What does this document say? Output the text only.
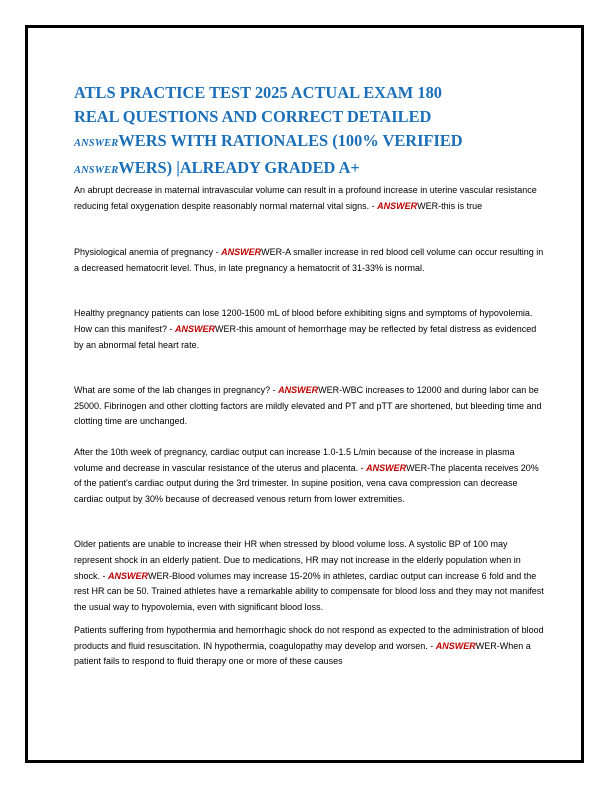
ATLS PRACTICE TEST 2025 ACTUAL EXAM 180
REAL QUESTIONS AND CORRECT DETAILED
ANSWERWERS WITH RATIONALES (100% VERIFIED
ANSWERWERS) |ALREADY GRADED A+

An abrupt decrease in maternal intravascular volume can result in a profound increase in uterine vascular resistance reducing fetal oxygenation despite reasonably normal maternal vital signs. - ANSWERWER-this is true

Physiological anemia of pregnancy - ANSWERWER-A smaller increase in red blood cell volume can occur resulting in a decreased hematocrit level. Thus, in late pregnancy a hematocrit of 31-33% is normal.

Healthy pregnancy patients can lose 1200-1500 mL of blood before exhibiting signs and symptoms of hypovolemia. How can this manifest? - ANSWERWER-this amount of hemorrhage may be reflected by fetal distress as evidenced by an abnormal fetal heart rate.

What are some of the lab changes in pregnancy? - ANSWERWER-WBC increases to 12000 and during labor can be 25000. Fibrinogen and other clotting factors are mildly elevated and PT and pTT are shortened, but bleeding time and clotting time are unchanged.

After the 10th week of pregnancy, cardiac output can increase 1.0-1.5 L/min because of the increase in plasma volume and decrease in vascular resistance of the uterus and placenta. - ANSWERWER-The placenta receives 20% of the patient's cardiac output during the 3rd trimester. In supine position, vena cava compression can decrease cardiac output by 30% because of decreased venous return from lower extremities.

Older patients are unable to increase their HR when stressed by blood volume loss. A systolic BP of 100 may represent shock in an elderly patient. Due to medications, HR may not increase in the elderly population when in shock. - ANSWERWER-Blood volumes may increase 15-20% in athletes, cardiac output can increase 6 fold and the rest HR can be 50. Trained athletes have a remarkable ability to compensate for blood loss and they may not manifest the usual way to hypovolemia, even with significant blood loss.

Patients suffering from hypothermia and hemorrhagic shock do not respond as expected to the administration of blood products and fluid resuscitation. IN hypothermia, coagulopathy may develop and worsen. - ANSWERWER-When a patient fails to respond to fluid therapy one or more of these causes
